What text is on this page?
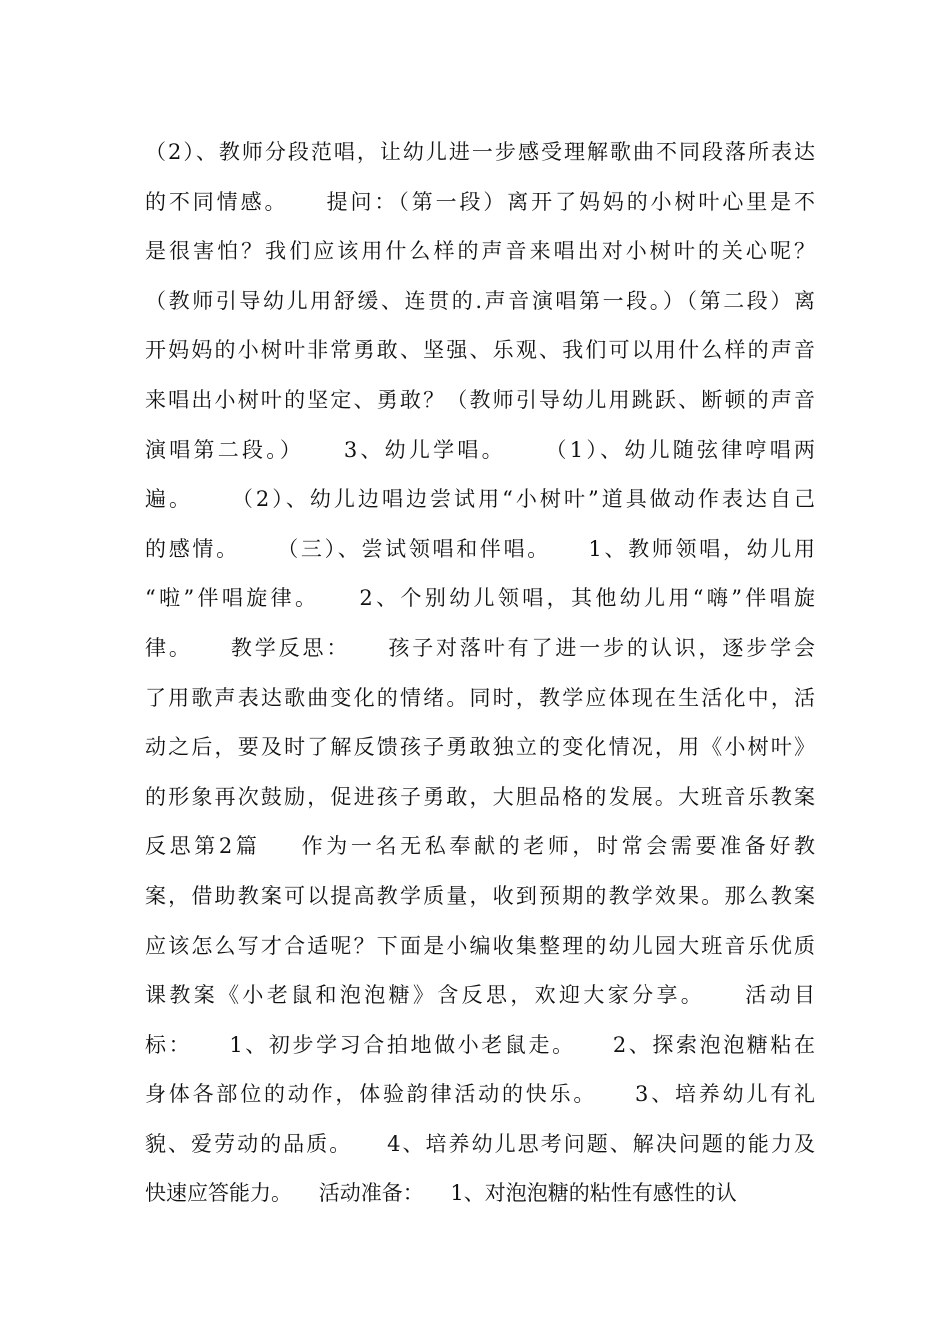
（2）、教师分段范唱，让幼儿进一步感受理解歌曲不同段落所表达
的不同情感。    提问：（第一段）离开了妈妈的小树叶心里是不
是很害怕？我们应该用什么样的声音来唱出对小树叶的关心呢？
（教师引导幼儿用舒缓、连贯的.声音演唱第一段。）（第二段）离
开妈妈的小树叶非常勇敢、坚强、乐观、我们可以用什么样的声音
来唱出小树叶的坚定、勇敢？（教师引导幼儿用跳跃、断顿的声音
演唱第二段。）    3、幼儿学唱。    （1）、幼儿随弦律哼唱两
遍。    （2）、幼儿边唱边尝试用“小树叶”道具做动作表达自己
的感情。    （三）、尝试领唱和伴唱。    1、教师领唱，幼儿用
“啦”伴唱旋律。    2、个别幼儿领唱，其他幼儿用“嗨”伴唱旋
律。    教学反思：    孩子对落叶有了进一步的认识，逐步学会
了用歌声表达歌曲变化的情绪。同时，教学应体现在生活化中，活
动之后，要及时了解反馈孩子勇敢独立的变化情况，用《小树叶》
的形象再次鼓励，促进孩子勇敢，大胆品格的发展。大班音乐教案
反思第2篇    作为一名无私奉献的老师，时常会需要准备好教
案，借助教案可以提高教学质量，收到预期的教学效果。那么教案
应该怎么写才合适呢？下面是小编收集整理的幼儿园大班音乐优质
课教案《小老鼠和泡泡糖》含反思，欢迎大家分享。    活动目
标：    1、初步学习合拍地做小老鼠走。    2、探索泡泡糖粘在
身体各部位的动作，体验韵律活动的快乐。    3、培养幼儿有礼
貌、爱劳动的品质。    4、培养幼儿思考问题、解决问题的能力及
快速应答能力。    活动准备：    1、对泡泡糖的粘性有感性的认
